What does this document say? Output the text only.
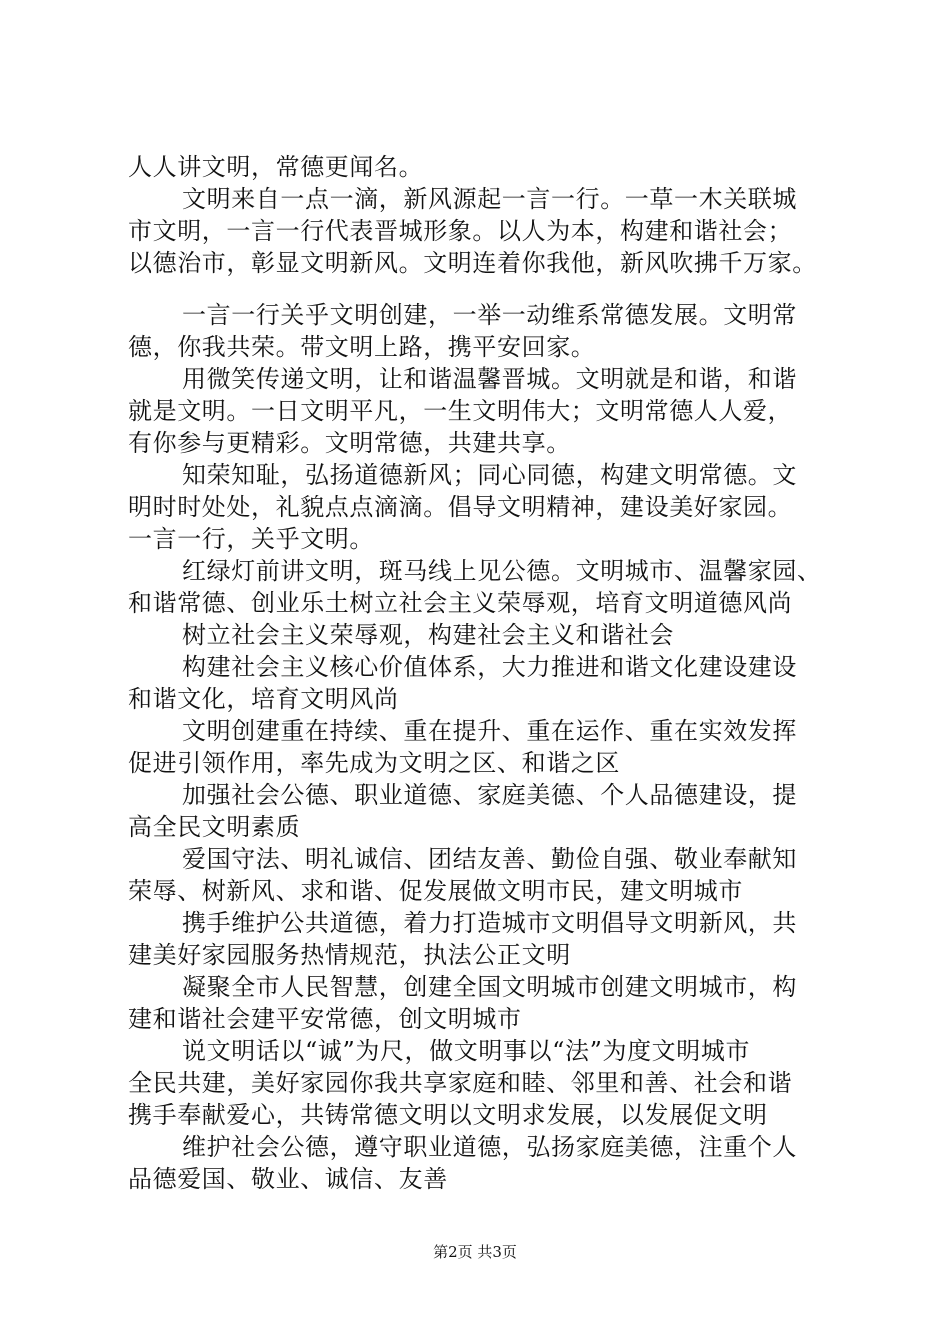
人人讲文明，常德更闻名。
文明来自一点一滴，新风源起一言一行。一草一木关联城
市文明，一言一行代表晋城形象。以人为本，构建和谐社会；
以德治市，彰显文明新风。文明连着你我他，新风吹拂千万家。
一言一行关乎文明创建，一举一动维系常德发展。文明常
德，你我共荣。带文明上路，携平安回家。
用微笑传递文明，让和谐温馨晋城。文明就是和谐，和谐
就是文明。一日文明平凡，一生文明伟大；文明常德人人爱，
有你参与更精彩。文明常德，共建共享。
知荣知耻，弘扬道德新风；同心同德，构建文明常德。文
明时时处处，礼貌点点滴滴。倡导文明精神，建设美好家园。
一言一行，关乎文明。
红绿灯前讲文明，斑马线上见公德。文明城市、温馨家园、
和谐常德、创业乐土树立社会主义荣辱观，培育文明道德风尚
树立社会主义荣辱观，构建社会主义和谐社会
构建社会主义核心价值体系，大力推进和谐文化建设建设
和谐文化，培育文明风尚
文明创建重在持续、重在提升、重在运作、重在实效发挥
促进引领作用，率先成为文明之区、和谐之区
加强社会公德、职业道德、家庭美德、个人品德建设，提
高全民文明素质
爱国守法、明礼诚信、团结友善、勤俭自强、敬业奉献知
荣辱、树新风、求和谐、促发展做文明市民，建文明城市
携手维护公共道德，着力打造城市文明倡导文明新风，共
建美好家园服务热情规范，执法公正文明
凝聚全市人民智慧，创建全国文明城市创建文明城市，构
建和谐社会建平安常德，创文明城市
说文明话以“诚”为尺，做文明事以“法”为度文明城市
全民共建，美好家园你我共享家庭和睦、邻里和善、社会和谐
携手奉献爱心，共铸常德文明以文明求发展，以发展促文明
维护社会公德，遵守职业道德，弘扬家庭美德，注重个人
品德爱国、敬业、诚信、友善
第2页 共3页
